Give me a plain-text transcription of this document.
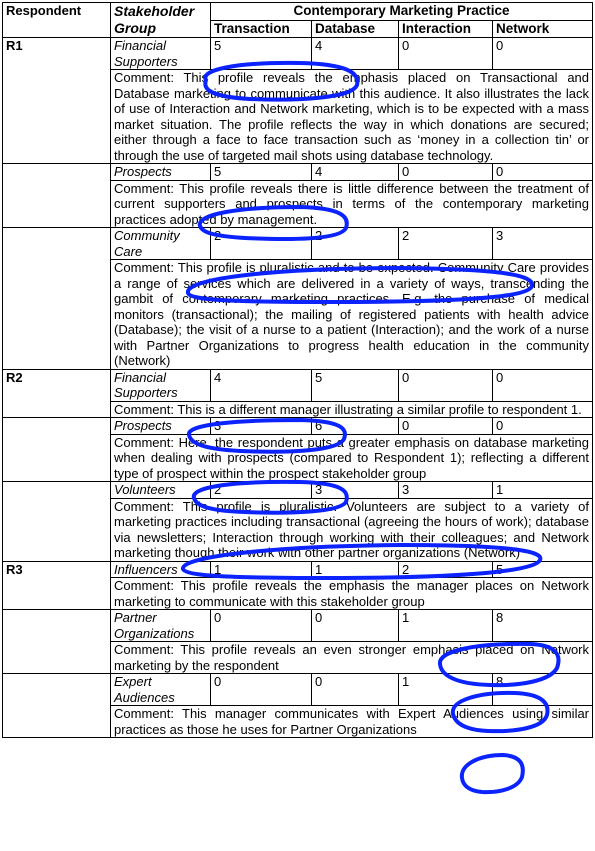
Respondent	Stakeholder Group	Contemporary Marketing Practice			
		Transaction	Database	Interaction	Network
R1	Financial Supporters	5	4	0	0
	Comment: This profile reveals the emphasis placed on Transactional and Database marketing to communicate with this audience. It also illustrates the lack of use of Interaction and Network marketing, which is to be expected with a mass market situation. The profile reflects the way in which donations are secured; either through a face to face transaction such as ‘money in a collection tin’ or through the use of targeted mail shots using database technology.				
	Prospects	5	4	0	0
	Comment: This profile reveals there is little difference between the treatment of current supporters and prospects in terms of the contemporary marketing practices adopted by management.				
	Community Care	2	2	2	3
	Comment: This profile is pluralistic and to be expected. Community Care provides a range of services which are delivered in a variety of ways, transcending the gambit of contemporary marketing practices. E.g. the purchase of medical monitors (transactional); the mailing of registered patients with health advice (Database); the visit of a nurse to a patient (Interaction); and the work of a nurse with Partner Organizations to progress health education in the community (Network)				
R2	Financial Supporters	4	5	0	0
	Comment: This is a different manager illustrating a similar profile to respondent 1.				
	Prospects	3	6	0	0
	Comment: Here, the respondent puts a greater emphasis on database marketing when dealing with prospects (compared to Respondent 1); reflecting a different type of prospect within the prospect stakeholder group				
	Volunteers	2	3	3	1
	Comment: This profile is pluralistic. Volunteers are subject to a variety of marketing practices including transactional (agreeing the hours of work); database via newsletters; Interaction through working with their colleagues; and Network marketing though their work with other partner organizations (Network)				
R3	Influencers	1	1	2	5
	Comment: This profile reveals the emphasis the manager places on Network marketing to communicate with this stakeholder group				
	Partner Organizations	0	0	1	8
	Comment: This profile reveals an even stronger emphasis placed on Network marketing by the respondent				
	Expert Audiences	0	0	1	8
	Comment: This manager communicates with Expert Audiences using similar practices as those he uses for Partner Organizations				
